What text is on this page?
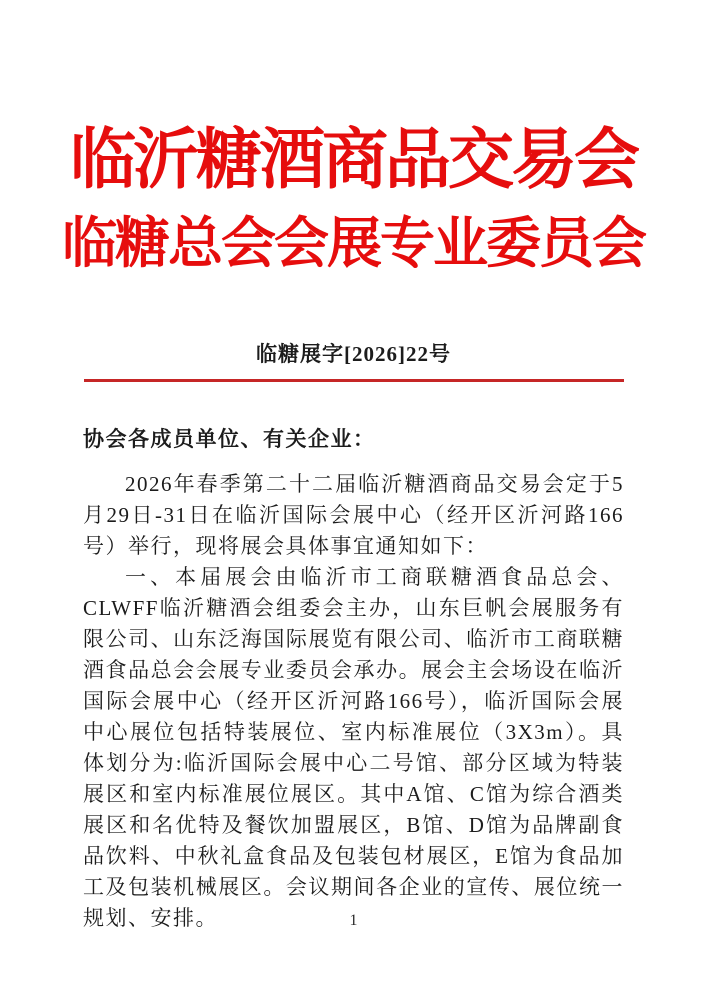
临沂糖酒商品交易会
临糖总会会展专业委员会
临糖展字[2026]22号

协会各成员单位、有关企业：

2026年春季第二十二届临沂糖酒商品交易会定于5月29日-31日在临沂国际会展中心（经开区沂河路166号）举行，现将展会具体事宜通知如下：

一、本届展会由临沂市工商联糖酒食品总会、CLWFF临沂糖酒会组委会主办，山东巨帆会展服务有限公司、山东泛海国际展览有限公司、临沂市工商联糖酒食品总会会展专业委员会承办。展会主会场设在临沂国际会展中心（经开区沂河路166号），临沂国际会展中心展位包括特装展位、室内标准展位（3X3m）。具体划分为:临沂国际会展中心二号馆、部分区域为特装展区和室内标准展位展区。其中A馆、C馆为综合酒类展区和名优特及餐饮加盟展区，B馆、D馆为品牌副食品饮料、中秋礼盒食品及包装包材展区，E馆为食品加工及包装机械展区。会议期间各企业的宣传、展位统一规划、安排。	1
